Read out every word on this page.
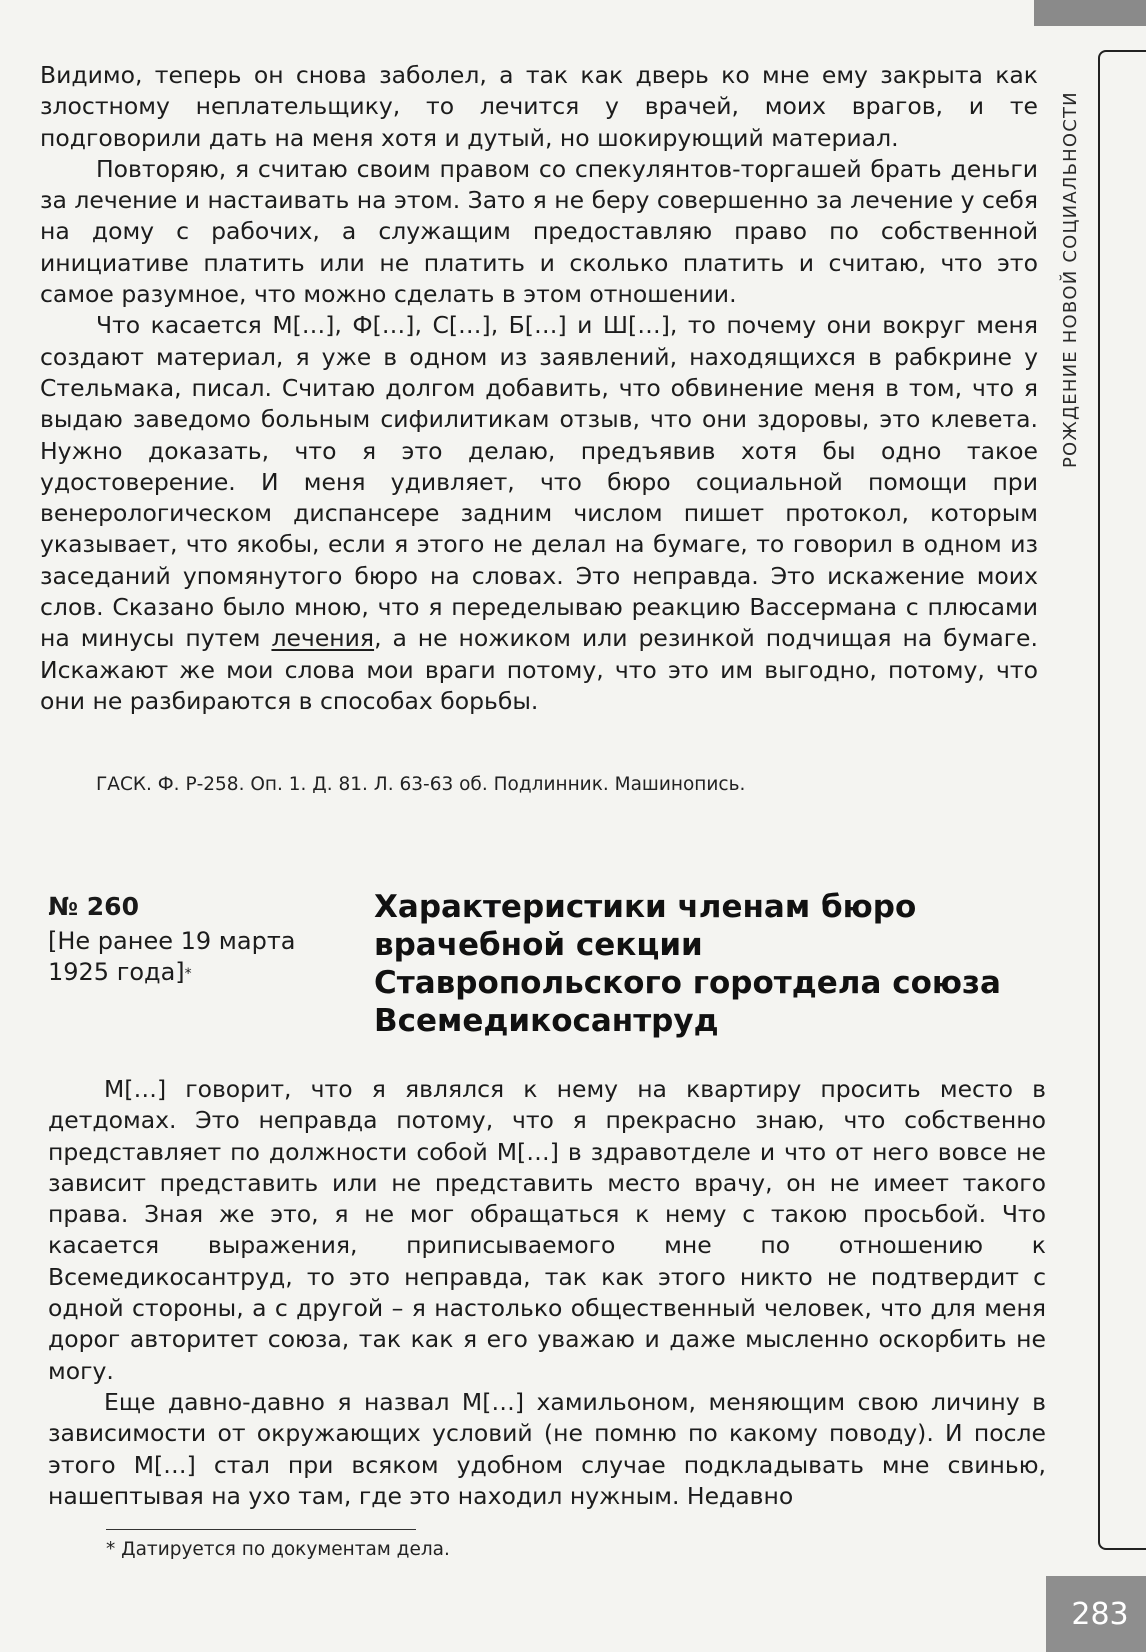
РОЖДЕНИЕ НОВОЙ СОЦИАЛЬНОСТИ

Видимо, теперь он снова заболел, а так как дверь ко мне ему закрыта как злостному неплательщику, то лечится у врачей, моих врагов, и те подговорили дать на меня хотя и дутый, но шокирующий материал.

Повторяю, я считаю своим правом со спекулянтов-торгашей брать деньги за лечение и настаивать на этом. Зато я не беру совершенно за лечение у себя на дому с рабочих, а служащим предоставляю право по собственной инициативе платить или не платить и сколько платить и считаю, что это самое разумное, что можно сделать в этом отношении.

Что касается М[…], Ф[…], С[…], Б[…] и Ш[…], то почему они вокруг меня создают материал, я уже в одном из заявлений, находящихся в рабкрине у Стельмака, писал. Считаю долгом добавить, что обвинение меня в том, что я выдаю заведомо больным сифилитикам отзыв, что они здоровы, это клевета. Нужно доказать, что я это делаю, предъявив хотя бы одно такое удостоверение. И меня удивляет, что бюро социальной помощи при венерологическом диспансере задним числом пишет протокол, которым указывает, что якобы, если я этого не делал на бумаге, то говорил в одном из заседаний упомянутого бюро на словах. Это неправда. Это искажение моих слов. Сказано было мною, что я переделываю реакцию Вассермана с плюсами на минусы путем лечения, а не ножиком или резинкой подчищая на бумаге. Искажают же мои слова мои враги потому, что это им выгодно, потому, что они не разбираются в способах борьбы.

ГАСК. Ф. Р-258. Оп. 1. Д. 81. Л. 63-63 об. Подлинник. Машинопись.
№ 260
[Не ранее 19 марта 1925 года]*
Характеристики членам бюро врачебной секции Ставропольского горотдела союза Всемедикосантруд

М[…] говорит, что я являлся к нему на квартиру просить место в детдомах. Это неправда потому, что я прекрасно знаю, что собственно представляет по должности собой М[…] в здравотделе и что от него вовсе не зависит представить или не представить место врачу, он не имеет такого права. Зная же это, я не мог обращаться к нему с такою просьбой. Что касается выражения, приписываемого мне по отношению к Всемедикосантруд, то это неправда, так как этого никто не подтвердит с одной стороны, а с другой – я настолько общественный человек, что для меня дорог авторитет союза, так как я его уважаю и даже мысленно оскорбить не могу.

Еще давно-давно я назвал М[…] хамильоном, меняющим свою личину в зависимости от окружающих условий (не помню по какому поводу). И после этого М[…] стал при всяком удобном случае подкладывать мне свинью, нашептывая на ухо там, где это находил нужным. Недавно

* Датируется по документам дела.
283
